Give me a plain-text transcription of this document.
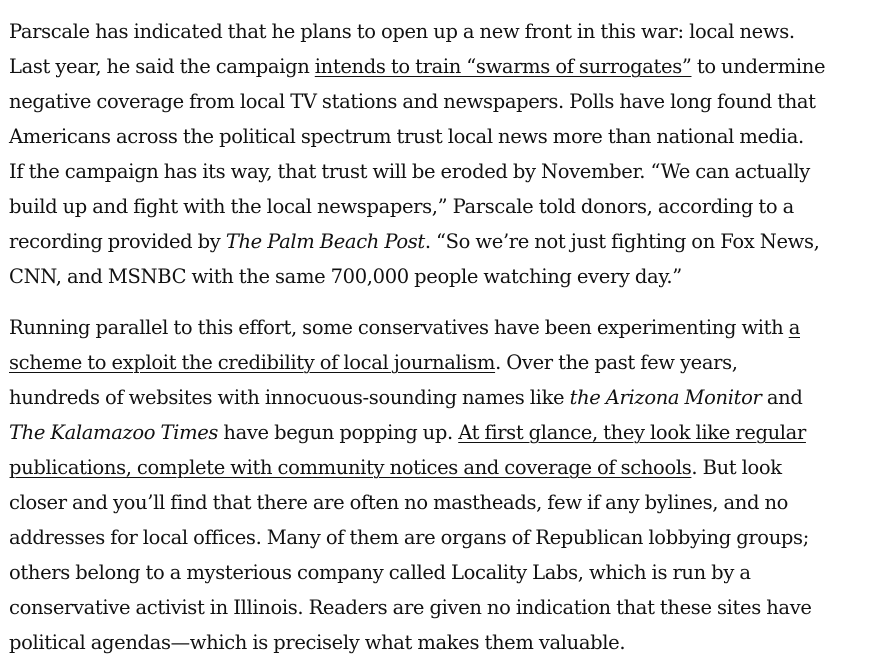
Parscale has indicated that he plans to open up a new front in this war: local news.
Last year, he said the campaign intends to train “swarms of surrogates” to undermine
negative coverage from local TV stations and newspapers. Polls have long found that
Americans across the political spectrum trust local news more than national media.
If the campaign has its way, that trust will be eroded by November. “We can actually
build up and fight with the local newspapers,” Parscale told donors, according to a
recording provided by The Palm Beach Post. “So we’re not just fighting on Fox News,
CNN, and MSNBC with the same 700,000 people watching every day.”

Running parallel to this effort, some conservatives have been experimenting with a
scheme to exploit the credibility of local journalism. Over the past few years,
hundreds of websites with innocuous-sounding names like the Arizona Monitor and
The Kalamazoo Times have begun popping up. At first glance, they look like regular
publications, complete with community notices and coverage of schools. But look
closer and you’ll find that there are often no mastheads, few if any bylines, and no
addresses for local offices. Many of them are organs of Republican lobbying groups;
others belong to a mysterious company called Locality Labs, which is run by a
conservative activist in Illinois. Readers are given no indication that these sites have
political agendas—which is precisely what makes them valuable.
